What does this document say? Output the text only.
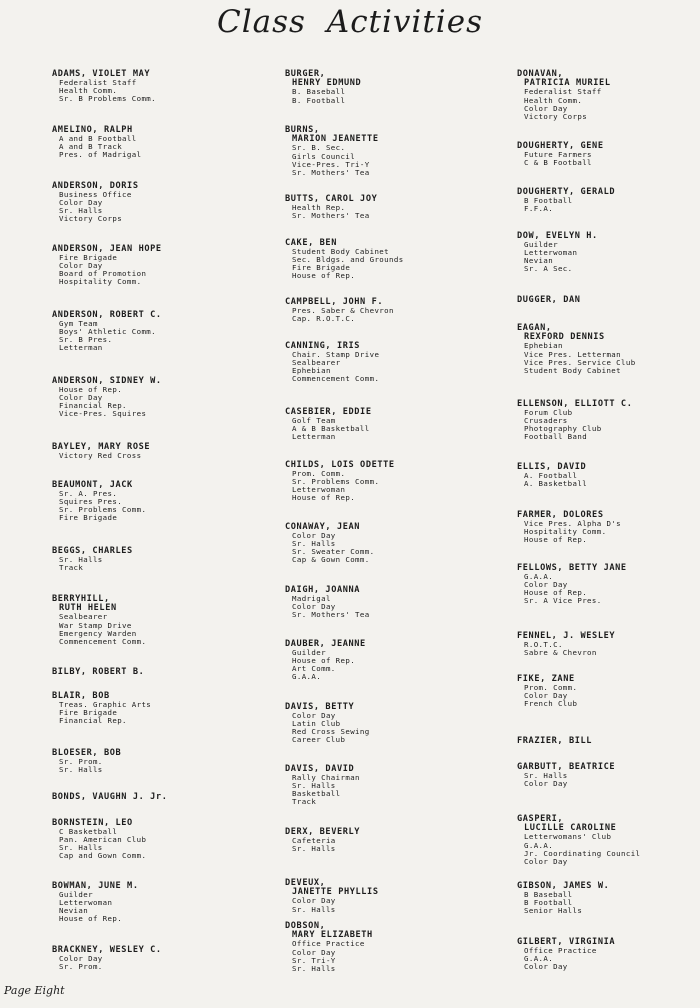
Class Activities
ADAMS, VIOLET MAY
Federalist Staff
Health Comm.
Sr. B Problems Comm.
AMELINO, RALPH
A and B Football
A and B Track
Pres. of Madrigal
ANDERSON, DORIS
Business Office
Color Day
Sr. Halls
Victory Corps
ANDERSON, JEAN HOPE
Fire Brigade
Color Day
Board of Promotion
Hospitality Comm.
ANDERSON, ROBERT C.
Gym Team
Boys' Athletic Comm.
Sr. B Pres.
Letterman
ANDERSON, SIDNEY W.
House of Rep.
Color Day
Financial Rep.
Vice-Pres. Squires
BAYLEY, MARY ROSE
Victory Red Cross
BEAUMONT, JACK
Sr. A. Pres.
Squires Pres.
Sr. Problems Comm.
Fire Brigade
BEGGS, CHARLES
Sr. Halls
Track
BERRYHILL,
RUTH HELEN
Sealbearer
War Stamp Drive
Emergency Warden
Commencement Comm.
BILBY, ROBERT B.
BLAIR, BOB
Treas. Graphic Arts
Fire Brigade
Financial Rep.
BLOESER, BOB
Sr. Prom.
Sr. Halls
BONDS, VAUGHN J. Jr.
BORNSTEIN, LEO
C Basketball
Pan. American Club
Sr. Halls
Cap and Gown Comm.
BOWMAN, JUNE M.
Guilder
Letterwoman
Nevian
House of Rep.
BRACKNEY, WESLEY C.
Color Day
Sr. Prom.
BURGER,
HENRY EDMUND
B. Baseball
B. Football
BURNS,
MARION JEANETTE
Sr. B. Sec.
Girls Council
Vice-Pres. Tri-Y
Sr. Mothers' Tea
BUTTS, CAROL JOY
Health Rep.
Sr. Mothers' Tea
CAKE, BEN
Student Body Cabinet
Sec. Bldgs. and Grounds
Fire Brigade
House of Rep.
CAMPBELL, JOHN F.
Pres. Saber & Chevron
Cap. R.O.T.C.
CANNING, IRIS
Chair. Stamp Drive
Sealbearer
Ephebian
Commencement Comm.
CASEBIER, EDDIE
Golf Team
A & B Basketball
Letterman
CHILDS, LOIS ODETTE
Prom. Comm.
Sr. Problems Comm.
Letterwoman
House of Rep.
CONAWAY, JEAN
Color Day
Sr. Halls
Sr. Sweater Comm.
Cap & Gown Comm.
DAIGH, JOANNA
Madrigal
Color Day
Sr. Mothers' Tea
DAUBER, JEANNE
Guilder
House of Rep.
Art Comm.
G.A.A.
DAVIS, BETTY
Color Day
Latin Club
Red Cross Sewing
Career Club
DAVIS, DAVID
Rally Chairman
Sr. Halls
Basketball
Track
DERX, BEVERLY
Cafeteria
Sr. Halls
DEVEUX,
JANETTE PHYLLIS
Color Day
Sr. Halls
DOBSON,
MARY ELIZABETH
Office Practice
Color Day
Sr. Tri-Y
Sr. Halls
DONAVAN,
PATRICIA MURIEL
Federalist Staff
Health Comm.
Color Day
Victory Corps
DOUGHERTY, GENE
Future Farmers
C & B Football
DOUGHERTY, GERALD
B Football
F.F.A.
DOW, EVELYN H.
Guilder
Letterwoman
Nevian
Sr. A Sec.
DUGGER, DAN
EAGAN,
REXFORD DENNIS
Ephebian
Vice Pres. Letterman
Vice Pres. Service Club
Student Body Cabinet
ELLENSON, ELLIOTT C.
Forum Club
Crusaders
Photography Club
Football Band
ELLIS, DAVID
A. Football
A. Basketball
FARMER, DOLORES
Vice Pres. Alpha D's
Hospitality Comm.
House of Rep.
FELLOWS, BETTY JANE
G.A.A.
Color Day
House of Rep.
Sr. A Vice Pres.
FENNEL, J. WESLEY
R.O.T.C.
Sabre & Chevron
FIKE, ZANE
Prom. Comm.
Color Day
French Club
FRAZIER, BILL
GARBUTT, BEATRICE
Sr. Halls
Color Day
GASPERI,
LUCILLE CAROLINE
Letterwomans' Club
G.A.A.
Jr. Coordinating Council
Color Day
GIBSON, JAMES W.
B Baseball
B Football
Senior Halls
GILBERT, VIRGINIA
Office Practice
G.A.A.
Color Day
Page Eight
